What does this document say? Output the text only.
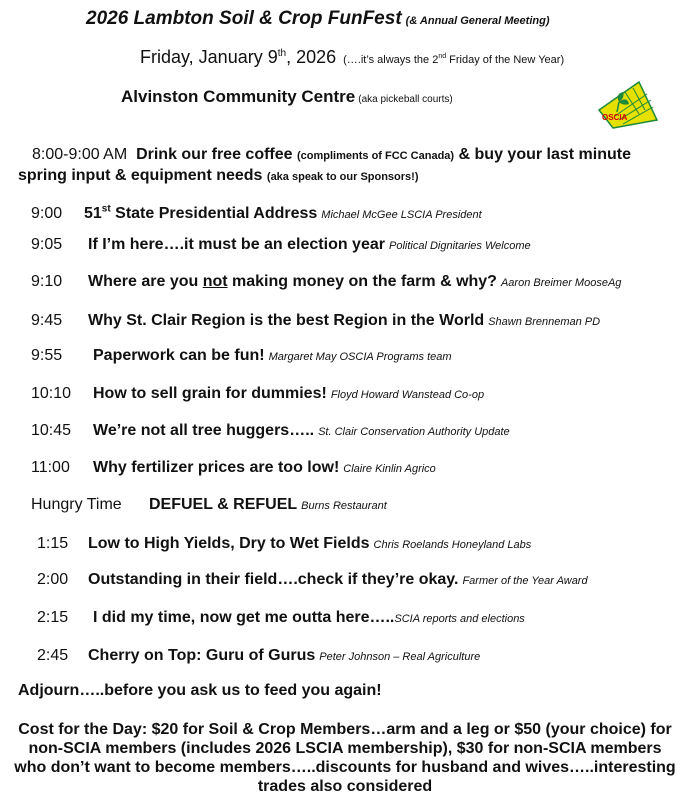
2026 Lambton Soil & Crop FunFest (& Annual General Meeting)
Friday, January 9th, 2026 (….it’s always the 2nd Friday of the New Year)
Alvinston Community Centre (aka pickeball courts)
OSCIA
8:00-9:00 AM Drink our free coffee (compliments of FCC Canada) & buy your last minute spring input & equipment needs (aka speak to our Sponsors!)
9:00 51st State Presidential Address Michael McGee LSCIA President
9:05 If I’m here….it must be an election year Political Dignitaries Welcome
9:10 Where are you not making money on the farm & why? Aaron Breimer MooseAg
9:45 Why St. Clair Region is the best Region in the World Shawn Brenneman PD
9:55 Paperwork can be fun! Margaret May OSCIA Programs team
10:10 How to sell grain for dummies! Floyd Howard Wanstead Co-op
10:45 We’re not all tree huggers….. St. Clair Conservation Authority Update
11:00 Why fertilizer prices are too low! Claire Kinlin Agrico
Hungry Time DEFUEL & REFUEL Burns Restaurant
1:15 Low to High Yields, Dry to Wet Fields Chris Roelands Honeyland Labs
2:00 Outstanding in their field….check if they’re okay. Farmer of the Year Award
2:15 I did my time, now get me outta here…..SCIA reports and elections
2:45 Cherry on Top: Guru of Gurus Peter Johnson – Real Agriculture
Adjourn…..before you ask us to feed you again!
Cost for the Day: $20 for Soil & Crop Members…arm and a leg or $50 (your choice) for non-SCIA members (includes 2026 LSCIA membership), $30 for non-SCIA members who don’t want to become members…..discounts for husband and wives…..interesting trades also considered
